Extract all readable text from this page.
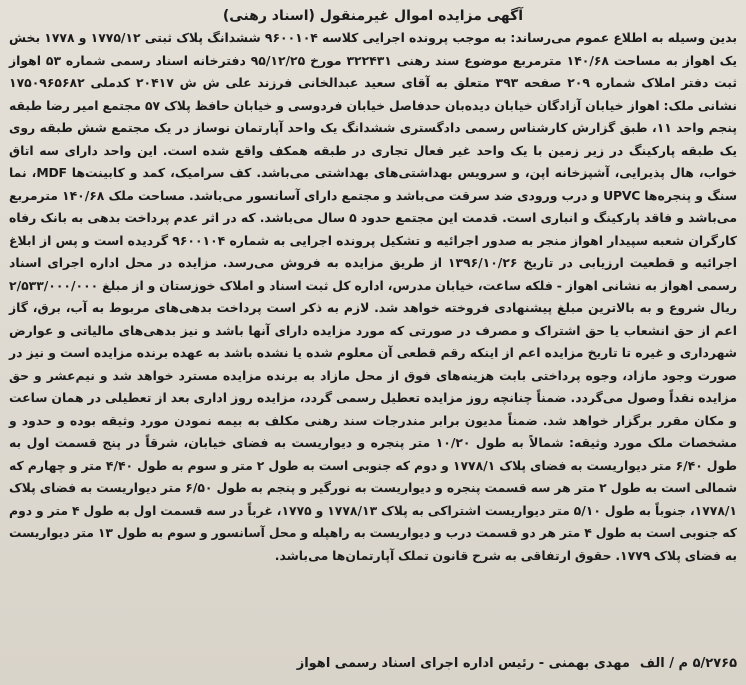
آگهی مزایده اموال غیرمنقول (اسناد رهنی)

بدین وسیله به اطلاع عموم می‌رساند: به موجب پرونده اجرایی کلاسه ۹۶۰۰۱۰۴ ششدانگ پلاک ثبتی ۱۷۷۵/۱۲ و ۱۷۷۸ بخش یک اهواز به مساحت ۱۴۰/۶۸ مترمربع موضوع سند رهنی ۳۲۲۴۳۱ مورخ ۹۵/۱۲/۲۵ دفترخانه اسناد رسمی شماره ۵۳ اهواز ثبت دفتر املاک شماره ۲۰۹ صفحه ۳۹۳ متعلق به آقای سعید عبدالخانی فرزند علی ش ش ۲۰۴۱۷ کدملی ۱۷۵۰۹۶۵۶۸۲ نشانی ملک: اهواز خیابان آزادگان خیابان دیده‌بان حدفاصل خیابان فردوسی و خیابان حافظ پلاک ۵۷ مجتمع امیر رضا طبقه پنجم واحد ۱۱، طبق گزارش کارشناس رسمی دادگستری ششدانگ یک واحد آپارتمان نوساز در یک مجتمع شش طبقه روی یک طبقه پارکینگ در زیر زمین با یک واحد غیر فعال تجاری در طبقه همکف واقع شده است. این واحد دارای سه اتاق خواب، هال پذیرایی، آشپزخانه اپن، و سرویس بهداشتی‌های بهداشتی می‌باشد. کف سرامیک، کمد و کابینت‌ها MDF، نما سنگ و پنجره‌ها UPVC و درب ورودی ضد سرقت می‌باشد و مجتمع دارای آسانسور می‌باشد. مساحت ملک ۱۴۰/۶۸ مترمربع می‌باشد و فاقد پارکینگ و انباری است. قدمت این مجتمع حدود ۵ سال می‌باشد. که در اثر عدم پرداخت بدهی به بانک رفاه کارگران شعبه سپیدار اهواز منجر به صدور اجرائیه و تشکیل پرونده اجرایی به شماره ۹۶۰۰۱۰۴ گردیده است و پس از ابلاغ اجرائیه و قطعیت ارزیابی در تاریخ ۱۳۹۶/۱۰/۲۶ از طریق مزایده به فروش می‌رسد. مزایده در محل اداره اجرای اسناد رسمی اهواز به نشانی اهواز - فلکه ساعت، خیابان مدرس، اداره کل ثبت اسناد و املاک خوزستان و از مبلغ ۲/۵۳۳/۰۰۰/۰۰۰ ریال شروع و به بالاترین مبلغ پیشنهادی فروخته خواهد شد. لازم به ذکر است پرداخت بدهی‌های مربوط به آب، برق، گاز اعم از حق انشعاب یا حق اشتراک و مصرف در صورتی که مورد مزایده دارای آنها باشد و نیز بدهی‌های مالیاتی و عوارض شهرداری و غیره تا تاریخ مزایده اعم از اینکه رقم قطعی آن معلوم شده یا نشده باشد به عهده برنده مزایده است و نیز در صورت وجود مازاد، وجوه پرداختی بابت هزینه‌های فوق از محل مازاد به برنده مزایده مسترد خواهد شد و نیم‌عشر و حق مزایده نقداً وصول می‌گردد. ضمناً چنانچه روز مزایده تعطیل رسمی گردد، مزایده روز اداری بعد از تعطیلی در همان ساعت و مکان مقرر برگزار خواهد شد. ضمناً مدیون برابر مندرجات سند رهنی مکلف به بیمه نمودن مورد وثیقه بوده و حدود و مشخصات ملک مورد وثیقه: شمالاً به طول ۱۰/۲۰ متر پنجره و دیواریست به فضای خیابان، شرقاً در پنج قسمت اول به طول ۶/۴۰ متر دیواریست به فضای پلاک ۱۷۷۸/۱ و دوم که جنوبی است به طول ۲ متر و سوم به طول ۴/۴۰ متر و چهارم که شمالی است به طول ۲ متر هر سه قسمت پنجره و دیواریست به نورگیر و پنجم به طول ۶/۵۰ متر دیواریست به فضای پلاک ۱۷۷۸/۱، جنوباً به طول ۵/۱۰ متر دیواریست اشتراکی به پلاک ۱۷۷۸/۱۳ و ۱۷۷۵، غرباً در سه قسمت اول به طول ۴ متر و دوم که جنوبی است به طول ۴ متر هر دو قسمت درب و دیواریست به راهپله و محل آسانسور و سوم به طول ۱۳ متر دیواریست به فضای پلاک ۱۷۷۹. حقوق ارتفاقی به شرح قانون تملک آپارتمان‌ها می‌باشد.

۵/۲۷۶۵ م / الف
مهدی بهمنی - رئیس اداره اجرای اسناد رسمی اهواز
